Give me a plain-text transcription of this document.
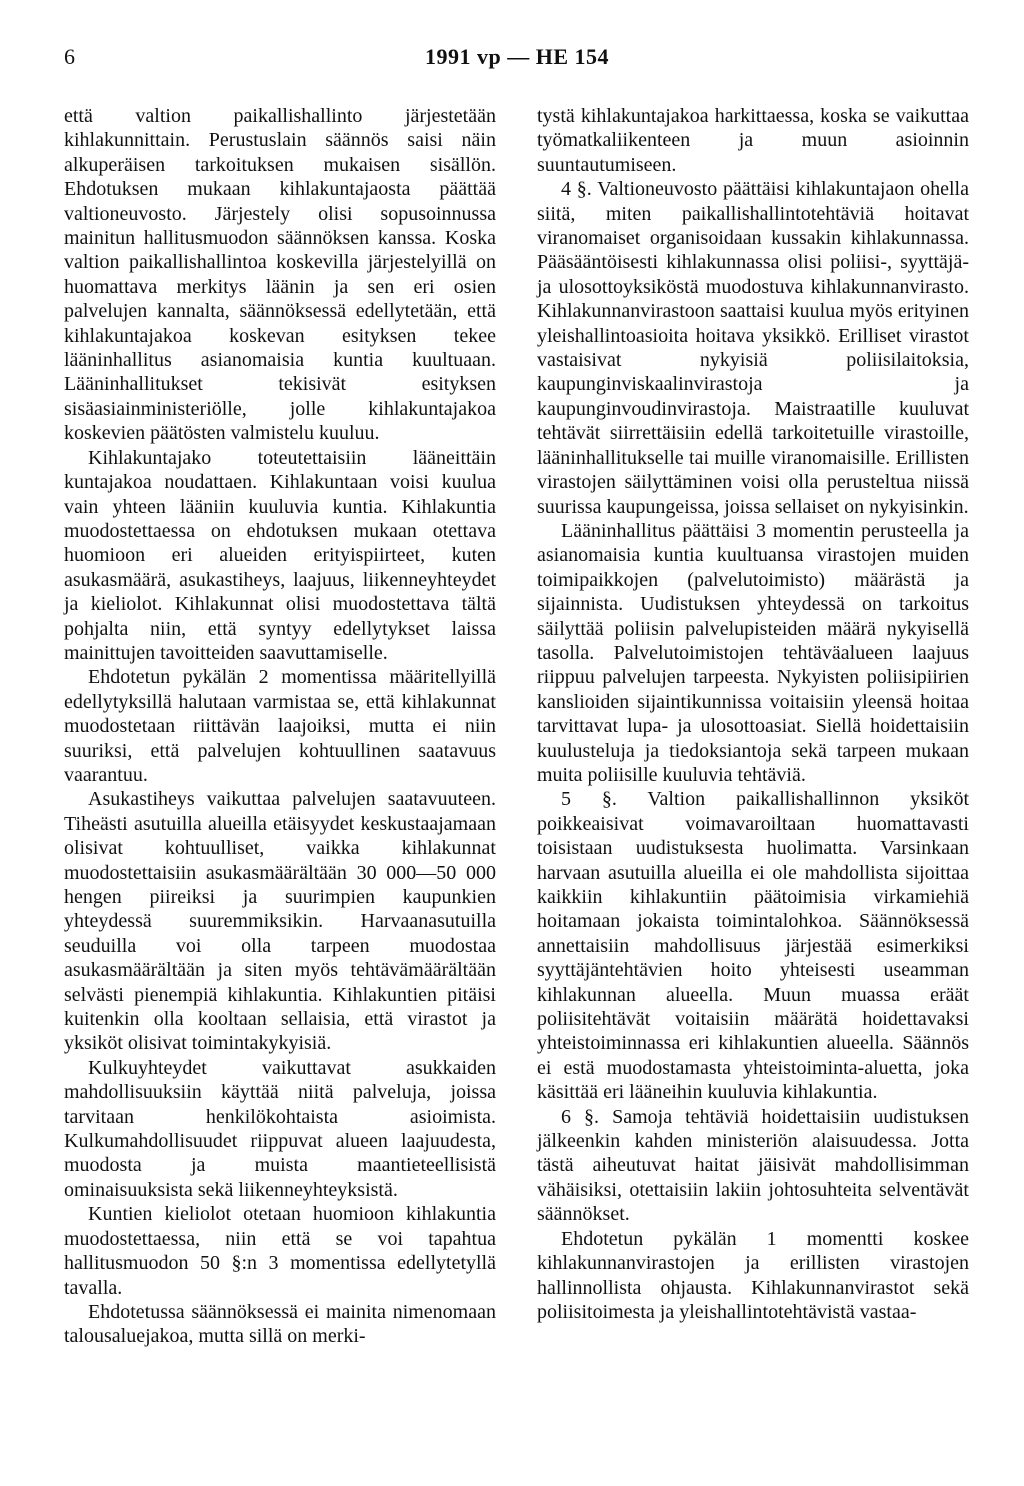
6	1991 vp — HE 154

että valtion paikallishallinto järjestetään kihlakunnittain. Perustuslain säännös saisi näin alkuperäisen tarkoituksen mukaisen sisällön. Ehdotuksen mukaan kihlakuntajaosta päättää valtioneuvosto. Järjestely olisi sopusoinnussa mainitun hallitusmuodon säännöksen kanssa. Koska valtion paikallishallintoa koskevilla järjestelyillä on huomattava merkitys läänin ja sen eri osien palvelujen kannalta, säännöksessä edellytetään, että kihlakuntajakoa koskevan esityksen tekee lääninhallitus asianomaisia kuntia kuultuaan. Lääninhallitukset tekisivät esityksen sisäasiainministeriölle, jolle kihlakuntajakoa koskevien päätösten valmistelu kuuluu.

Kihlakuntajako toteutettaisiin lääneittäin kuntajakoa noudattaen. Kihlakuntaan voisi kuulua vain yhteen lääniin kuuluvia kuntia. Kihlakuntia muodostettaessa on ehdotuksen mukaan otettava huomioon eri alueiden erityispiirteet, kuten asukasmäärä, asukastiheys, laajuus, liikenneyhteydet ja kieliolot. Kihlakunnat olisi muodostettava tältä pohjalta niin, että syntyy edellytykset laissa mainittujen tavoitteiden saavuttamiselle.

Ehdotetun pykälän 2 momentissa määritellyillä edellytyksillä halutaan varmistaa se, että kihlakunnat muodostetaan riittävän laajoiksi, mutta ei niin suuriksi, että palvelujen kohtuullinen saatavuus vaarantuu.

Asukastiheys vaikuttaa palvelujen saatavuuteen. Tiheästi asutuilla alueilla etäisyydet keskustaajamaan olisivat kohtuulliset, vaikka kihlakunnat muodostettaisiin asukasmäärältään 30 000—50 000 hengen piireiksi ja suurimpien kaupunkien yhteydessä suuremmiksikin. Harvaanasutuilla seuduilla voi olla tarpeen muodostaa asukasmäärältään ja siten myös tehtävämäärältään selvästi pienempiä kihlakuntia. Kihlakuntien pitäisi kuitenkin olla kooltaan sellaisia, että virastot ja yksiköt olisivat toimintakykyisiä.

Kulkuyhteydet vaikuttavat asukkaiden mahdollisuuksiin käyttää niitä palveluja, joissa tarvitaan henkilökohtaista asioimista. Kulkumahdollisuudet riippuvat alueen laajuudesta, muodosta ja muista maantieteellisistä ominaisuuksista sekä liikenneyhteyksistä.

Kuntien kieliolot otetaan huomioon kihlakuntia muodostettaessa, niin että se voi tapahtua hallitusmuodon 50 §:n 3 momentissa edellytetyllä tavalla.

Ehdotetussa säännöksessä ei mainita nimenomaan talousaluejakoa, mutta sillä on merki-

tystä kihlakuntajakoa harkittaessa, koska se vaikuttaa työmatkaliikenteen ja muun asioinnin suuntautumiseen.

4 §. Valtioneuvosto päättäisi kihlakuntajaon ohella siitä, miten paikallishallintotehtäviä hoitavat viranomaiset organisoidaan kussakin kihlakunnassa. Pääsääntöisesti kihlakunnassa olisi poliisi-, syyttäjä- ja ulosottoyksiköstä muodostuva kihlakunnanvirasto. Kihlakunnanvirastoon saattaisi kuulua myös erityinen yleishallintoasioita hoitava yksikkö. Erilliset virastot vastaisivat nykyisiä poliisilaitoksia, kaupunginviskaalinvirastoja ja kaupunginvoudinvirastoja. Maistraatille kuuluvat tehtävät siirrettäisiin edellä tarkoitetuille virastoille, lääninhallitukselle tai muille viranomaisille. Erillisten virastojen säilyttäminen voisi olla perusteltua niissä suurissa kaupungeissa, joissa sellaiset on nykyisinkin.

Lääninhallitus päättäisi 3 momentin perusteella ja asianomaisia kuntia kuultuansa virastojen muiden toimipaikkojen (palvelutoimisto) määrästä ja sijainnista. Uudistuksen yhteydessä on tarkoitus säilyttää poliisin palvelupisteiden määrä nykyisellä tasolla. Palvelutoimistojen tehtäväalueen laajuus riippuu palvelujen tarpeesta. Nykyisten poliisipiirien kanslioiden sijaintikunnissa voitaisiin yleensä hoitaa tarvittavat lupa- ja ulosottoasiat. Siellä hoidettaisiin kuulusteluja ja tiedoksiantoja sekä tarpeen mukaan muita poliisille kuuluvia tehtäviä.

5 §. Valtion paikallishallinnon yksiköt poikkeaisivat voimavaroiltaan huomattavasti toisistaan uudistuksesta huolimatta. Varsinkaan harvaan asutuilla alueilla ei ole mahdollista sijoittaa kaikkiin kihlakuntiin päätoimisia virkamiehiä hoitamaan jokaista toimintalohkoa. Säännöksessä annettaisiin mahdollisuus järjestää esimerkiksi syyttäjäntehtävien hoito yhteisesti useamman kihlakunnan alueella. Muun muassa eräät poliisitehtävät voitaisiin määrätä hoidettavaksi yhteistoiminnassa eri kihlakuntien alueella. Säännös ei estä muodostamasta yhteistoiminta-aluetta, joka käsittää eri lääneihin kuuluvia kihlakuntia.

6 §. Samoja tehtäviä hoidettaisiin uudistuksen jälkeenkin kahden ministeriön alaisuudessa. Jotta tästä aiheutuvat haitat jäisivät mahdollisimman vähäisiksi, otettaisiin lakiin johtosuhteita selventävät säännökset.

Ehdotetun pykälän 1 momentti koskee kihlakunnanvirastojen ja erillisten virastojen hallinnollista ohjausta. Kihlakunnanvirastot sekä poliisitoimesta ja yleishallintotehtävistä vastaa-
